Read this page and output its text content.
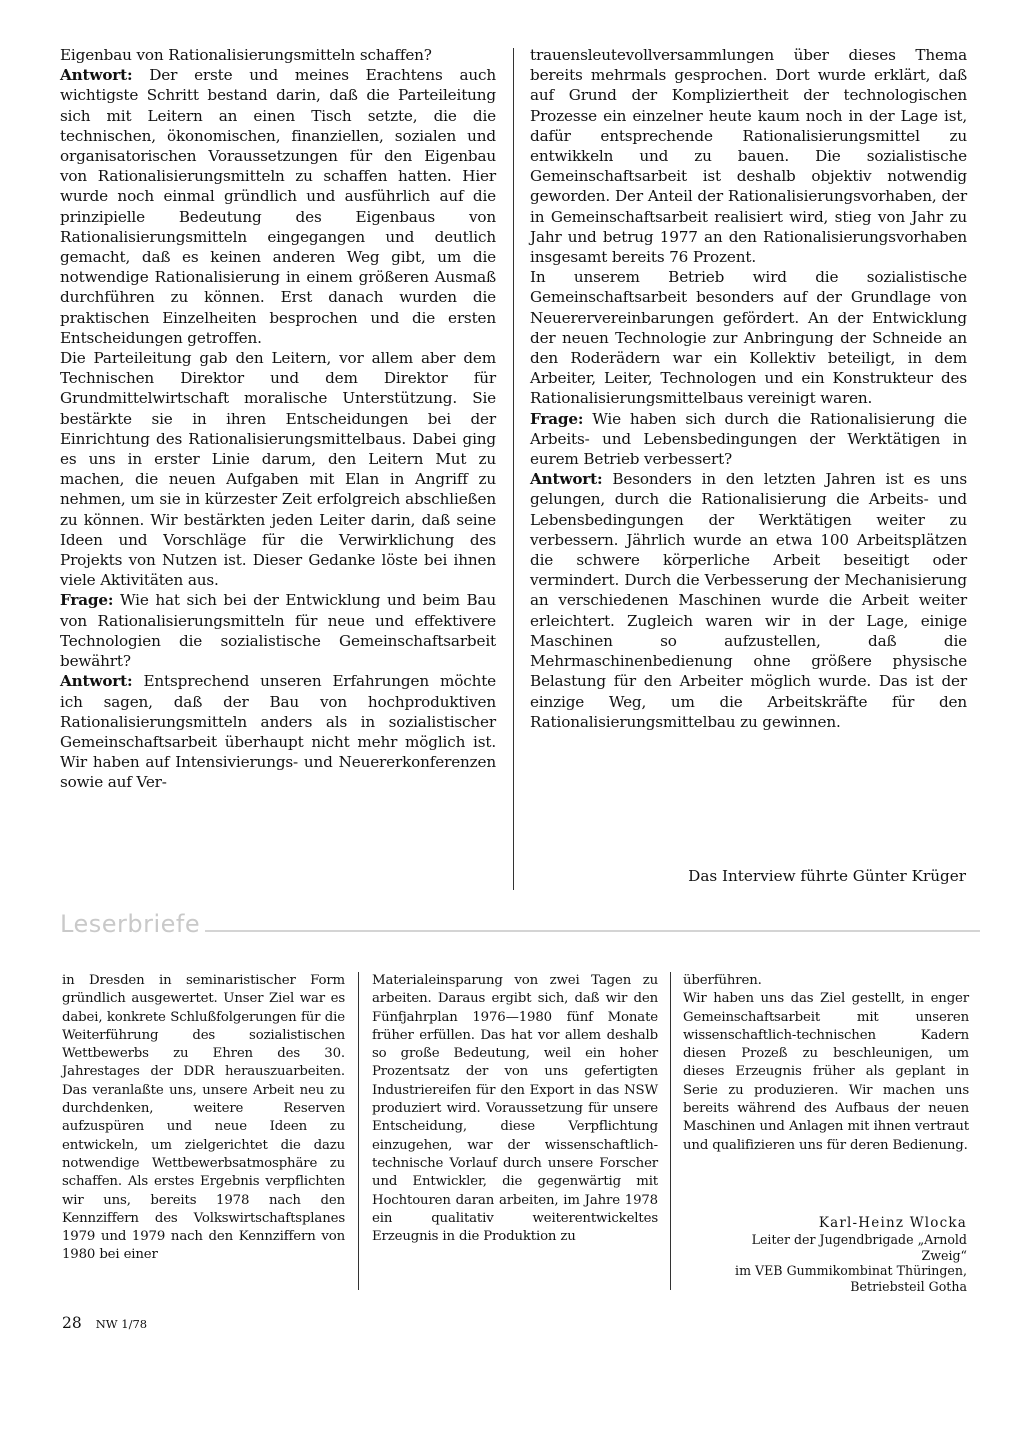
Eigenbau von Rationalisierungsmitteln schaffen?

Antwort: Der erste und meines Erachtens auch wichtigste Schritt bestand darin, daß die Parteileitung sich mit Leitern an einen Tisch setzte, die die technischen, ökonomischen, finanziellen, sozialen und organisatorischen Voraussetzungen für den Eigenbau von Rationalisierungsmitteln zu schaffen hatten. Hier wurde noch einmal gründlich und ausführlich auf die prinzipielle Bedeutung des Eigenbaus von Rationalisierungsmitteln eingegangen und deutlich gemacht, daß es keinen anderen Weg gibt, um die notwendige Rationalisierung in einem größeren Ausmaß durchführen zu können. Erst danach wurden die praktischen Einzelheiten besprochen und die ersten Entscheidungen getroffen.

Die Parteileitung gab den Leitern, vor allem aber dem Technischen Direktor und dem Direktor für Grundmittelwirtschaft moralische Unterstützung. Sie bestärkte sie in ihren Entscheidungen bei der Einrichtung des Rationalisierungsmittelbaus. Dabei ging es uns in erster Linie darum, den Leitern Mut zu machen, die neuen Aufgaben mit Elan in Angriff zu nehmen, um sie in kürzester Zeit erfolgreich abschließen zu können. Wir bestärkten jeden Leiter darin, daß seine Ideen und Vorschläge für die Verwirklichung des Projekts von Nutzen ist. Dieser Gedanke löste bei ihnen viele Aktivitäten aus.

Frage: Wie hat sich bei der Entwicklung und beim Bau von Rationalisierungsmitteln für neue und effektivere Technologien die sozialistische Gemeinschaftsarbeit bewährt?

Antwort: Entsprechend unseren Erfahrungen möchte ich sagen, daß der Bau von hochproduktiven Rationalisierungsmitteln anders als in sozialistischer Gemeinschaftsarbeit überhaupt nicht mehr möglich ist. Wir haben auf Intensivierungs- und Neuererkonferenzen sowie auf Ver-

trauensleutevollversammlungen über dieses Thema bereits mehrmals gesprochen. Dort wurde erklärt, daß auf Grund der Kompliziertheit der technologischen Prozesse ein einzelner heute kaum noch in der Lage ist, dafür entsprechende Rationalisierungsmittel zu entwikkeln und zu bauen. Die sozialistische Gemeinschaftsarbeit ist deshalb objektiv notwendig geworden. Der Anteil der Rationalisierungsvorhaben, der in Gemeinschaftsarbeit realisiert wird, stieg von Jahr zu Jahr und betrug 1977 an den Rationalisierungsvorhaben insgesamt bereits 76 Prozent.

In unserem Betrieb wird die sozialistische Gemeinschaftsarbeit besonders auf der Grundlage von Neuerervereinbarungen gefördert. An der Entwicklung der neuen Technologie zur Anbringung der Schneide an den Roderädern war ein Kollektiv beteiligt, in dem Arbeiter, Leiter, Technologen und ein Konstrukteur des Rationalisierungsmittelbaus vereinigt waren.

Frage: Wie haben sich durch die Rationalisierung die Arbeits- und Lebensbedingungen der Werktätigen in eurem Betrieb verbessert?

Antwort: Besonders in den letzten Jahren ist es uns gelungen, durch die Rationalisierung die Arbeits- und Lebensbedingungen der Werktätigen weiter zu verbessern. Jährlich wurde an etwa 100 Arbeitsplätzen die schwere körperliche Arbeit beseitigt oder vermindert. Durch die Verbesserung der Mechanisierung an verschiedenen Maschinen wurde die Arbeit weiter erleichtert. Zugleich waren wir in der Lage, einige Maschinen so aufzustellen, daß die Mehrmaschinenbedienung ohne größere physische Belastung für den Arbeiter möglich wurde. Das ist der einzige Weg, um die Arbeitskräfte für den Rationalisierungsmittelbau zu gewinnen.

Das Interview führte Günter Krüger
Leserbriefe

in Dresden in seminaristischer Form gründlich ausgewertet. Unser Ziel war es dabei, konkrete Schlußfolgerungen für die Weiterführung des sozialistischen Wettbewerbs zu Ehren des 30. Jahrestages der DDR herauszuarbeiten. Das veranlaßte uns, unsere Arbeit neu zu durchdenken, weitere Reserven aufzuspüren und neue Ideen zu entwickeln, um zielgerichtet die dazu notwendige Wettbewerbsatmosphäre zu schaffen. Als erstes Ergebnis verpflichten wir uns, bereits 1978 nach den Kennziffern des Volkswirtschaftsplanes 1979 und 1979 nach den Kennziffern von 1980 bei einer

Materialeinsparung von zwei Tagen zu arbeiten. Daraus ergibt sich, daß wir den Fünfjahrplan 1976—1980 fünf Monate früher erfüllen. Das hat vor allem deshalb so große Bedeutung, weil ein hoher Prozentsatz der von uns gefertigten Industriereifen für den Export in das NSW produziert wird. Voraussetzung für unsere Entscheidung, diese Verpflichtung einzugehen, war der wissenschaftlich-technische Vorlauf durch unsere Forscher und Entwickler, die gegenwärtig mit Hochtouren daran arbeiten, im Jahre 1978 ein qualitativ weiterentwickeltes Erzeugnis in die Produktion zu

überführen.

Wir haben uns das Ziel gestellt, in enger Gemeinschaftsarbeit mit unseren wissenschaftlich-technischen Kadern diesen Prozeß zu beschleunigen, um dieses Erzeugnis früher als geplant in Serie zu produzieren. Wir machen uns bereits während des Aufbaus der neuen Maschinen und Anlagen mit ihnen vertraut und qualifizieren uns für deren Bedienung.

Karl-Heinz Wlocka
Leiter der Jugendbrigade „Arnold
Zweig“
im VEB Gummikombinat Thüringen,
Betriebsteil Gotha
28 NW 1/78
